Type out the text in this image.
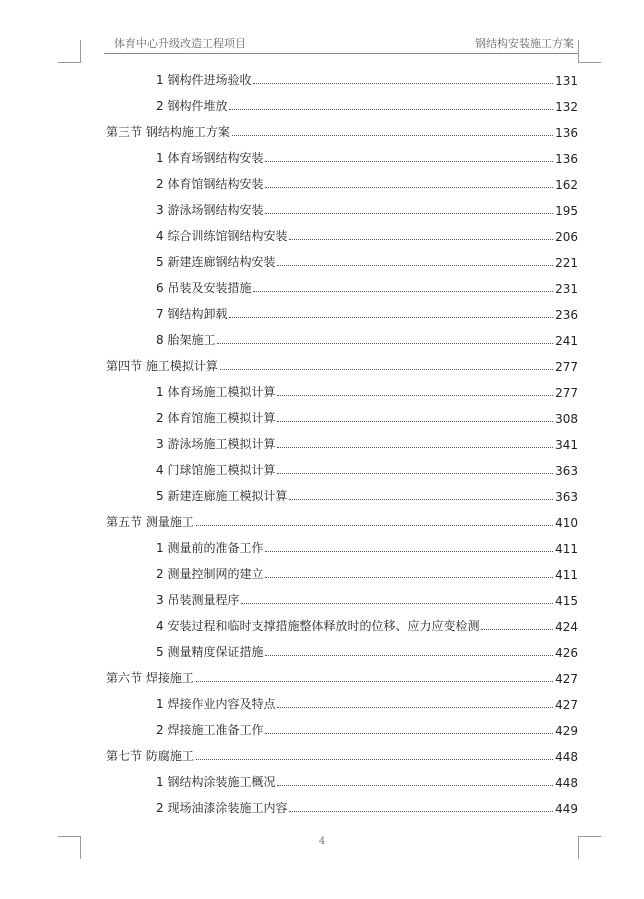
体育中心升级改造工程项目	钢结构安装施工方案
1 钢构件进场验收	131
2 钢构件堆放	132
第三节 钢结构施工方案	136
1 体育场钢结构安装	136
2 体育馆钢结构安装	162
3 游泳场钢结构安装	195
4 综合训练馆钢结构安装	206
5 新建连廊钢结构安装	221
6 吊装及安装措施	231
7 钢结构卸载	236
8 胎架施工	241
第四节 施工模拟计算	277
1 体育场施工模拟计算	277
2 体育馆施工模拟计算	308
3 游泳场施工模拟计算	341
4 门球馆施工模拟计算	363
5 新建连廊施工模拟计算	363
第五节 测量施工	410
1 测量前的准备工作	411
2 测量控制网的建立	411
3 吊装测量程序	415
4 安装过程和临时支撑措施整体释放时的位移、应力应变检测	424
5 测量精度保证措施	426
第六节 焊接施工	427
1 焊接作业内容及特点	427
2 焊接施工准备工作	429
第七节 防腐施工	448
1 钢结构涂装施工概况	448
2 现场油漆涂装施工内容	449
4
